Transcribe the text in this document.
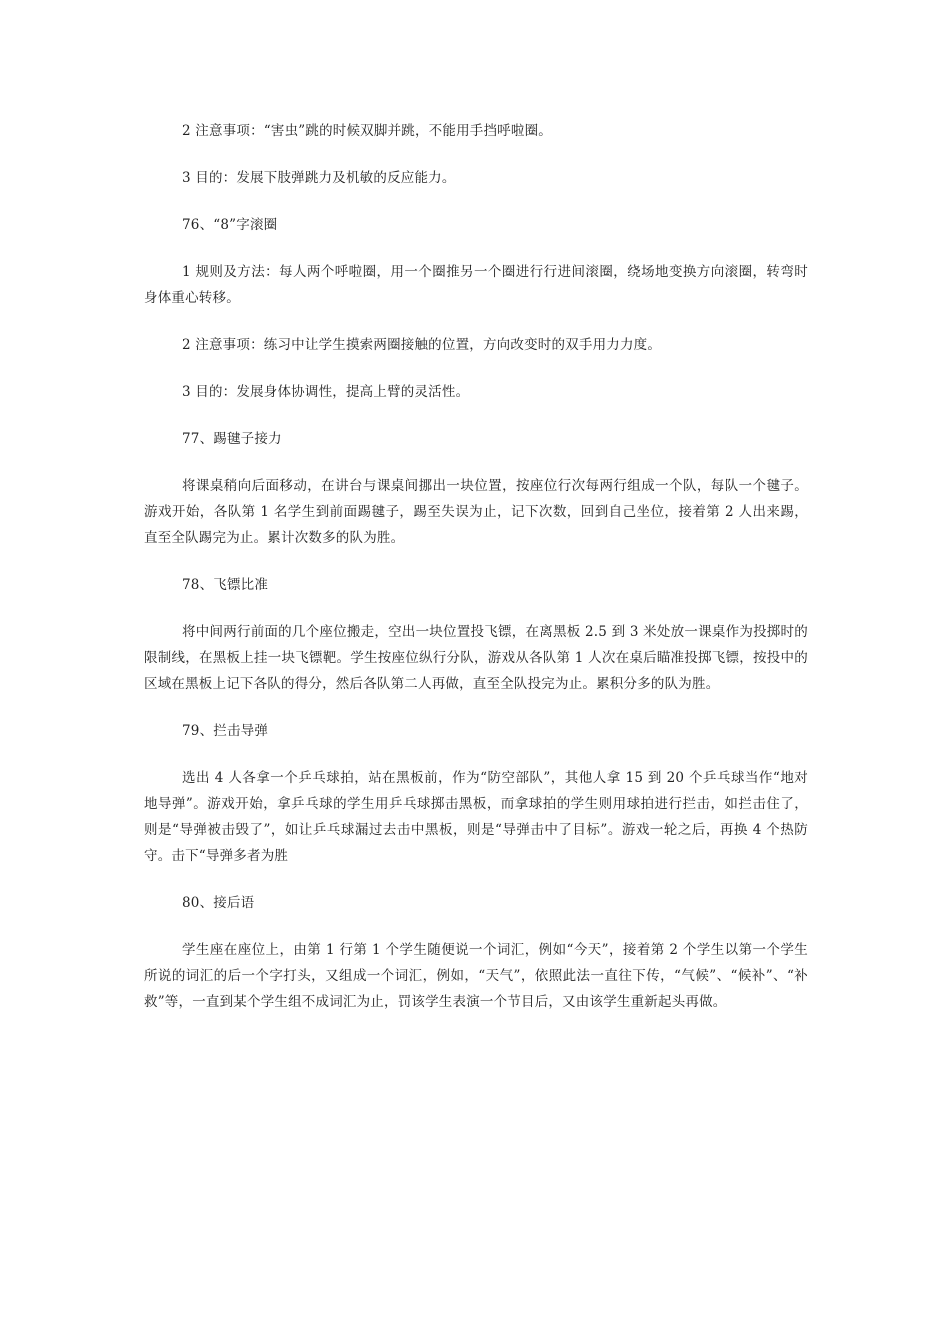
2 注意事项：“害虫”跳的时候双脚并跳，不能用手挡呼啦圈。

3 目的：发展下肢弹跳力及机敏的反应能力。

76、“8”字滚圈

1 规则及方法：每人两个呼啦圈，用一个圈推另一个圈进行行进间滚圈，绕场地变换方向滚圈，转弯时身体重心转移。

2 注意事项：练习中让学生摸索两圈接触的位置，方向改变时的双手用力力度。

3 目的：发展身体协调性，提高上臂的灵活性。

77、踢毽子接力

将课桌稍向后面移动，在讲台与课桌间挪出一块位置，按座位行次每两行组成一个队，每队一个毽子。游戏开始，各队第 1 名学生到前面踢毽子，踢至失误为止，记下次数，回到自己坐位，接着第 2 人出来踢，直至全队踢完为止。累计次数多的队为胜。

78、飞镖比准

将中间两行前面的几个座位搬走，空出一块位置投飞镖，在离黑板 2.5 到 3 米处放一课桌作为投掷时的限制线，在黑板上挂一块飞镖靶。学生按座位纵行分队，游戏从各队第 1 人次在桌后瞄准投掷飞镖，按投中的区域在黑板上记下各队的得分，然后各队第二人再做，直至全队投完为止。累积分多的队为胜。

79、拦击导弹

选出 4 人各拿一个乒乓球拍，站在黑板前，作为“防空部队”，其他人拿 15 到 20 个乒乓球当作“地对地导弹”。游戏开始，拿乒乓球的学生用乒乓球掷击黑板，而拿球拍的学生则用球拍进行拦击，如拦击住了，则是“导弹被击毁了”，如让乒乓球漏过去击中黑板，则是“导弹击中了目标”。游戏一轮之后，再换 4 个热防守。击下“导弹多者为胜

80、接后语

学生座在座位上，由第 1 行第 1 个学生随便说一个词汇，例如“今天”，接着第 2 个学生以第一个学生所说的词汇的后一个字打头，又组成一个词汇，例如，“天气”，依照此法一直往下传，“气候”、“候补”、“补救”等，一直到某个学生组不成词汇为止，罚该学生表演一个节目后，又由该学生重新起头再做。
